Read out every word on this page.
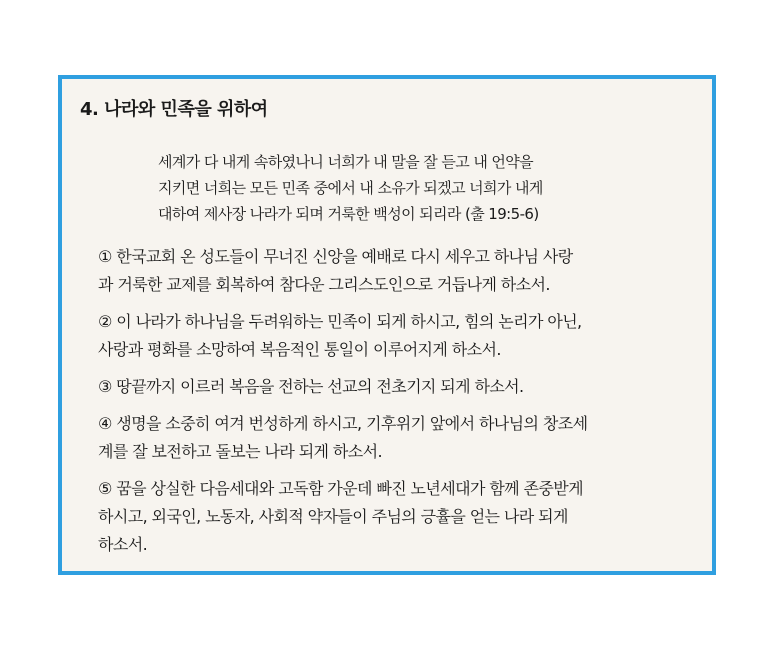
4. 나라와 민족을 위하여
세계가 다 내게 속하였나니 너희가 내 말을 잘 듣고 내 언약을
지키면 너희는 모든 민족 중에서 내 소유가 되겠고 너희가 내게
대하여 제사장 나라가 되며 거룩한 백성이 되리라 (출 19:5-6)
① 한국교회 온 성도들이 무너진 신앙을 예배로 다시 세우고 하나님 사랑
과 거룩한 교제를 회복하여 참다운 그리스도인으로 거듭나게 하소서.
② 이 나라가 하나님을 두려워하는 민족이 되게 하시고, 힘의 논리가 아닌,
사랑과 평화를 소망하여 복음적인 통일이 이루어지게 하소서.
③ 땅끝까지 이르러 복음을 전하는 선교의 전초기지 되게 하소서.
④ 생명을 소중히 여겨 번성하게 하시고, 기후위기 앞에서 하나님의 창조세
계를 잘 보전하고 돌보는 나라 되게 하소서.
⑤ 꿈을 상실한 다음세대와 고독함 가운데 빠진 노년세대가 함께 존중받게
하시고, 외국인, 노동자, 사회적 약자들이 주님의 긍휼을 얻는 나라 되게
하소서.
